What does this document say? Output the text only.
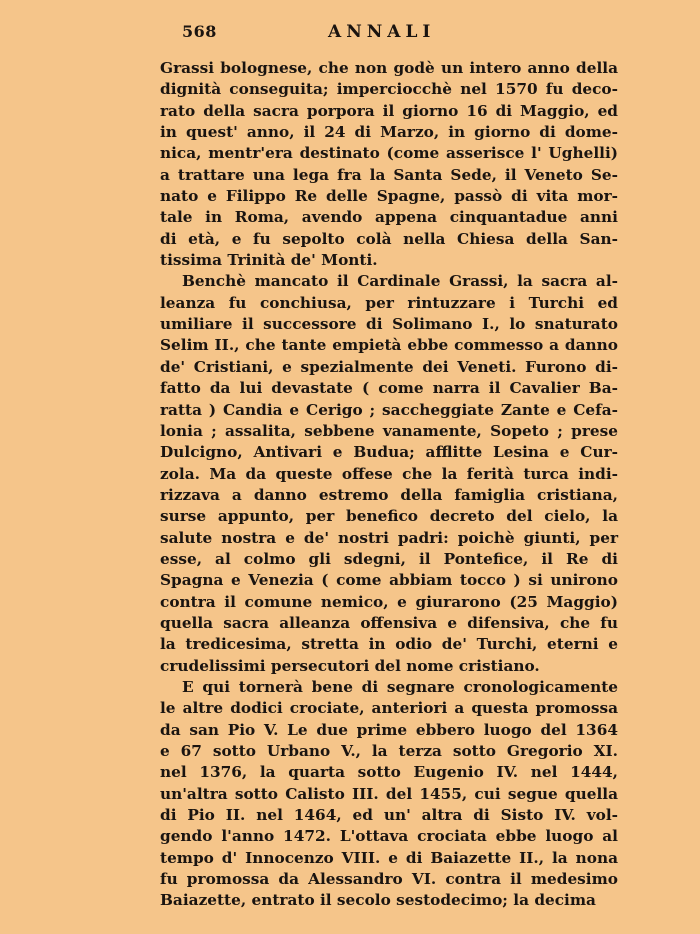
568	ANNALI
Grassi bolognese, che non godè un intero anno della
dignità conseguita; imperciocchè nel 1570 fu deco-
rato della sacra porpora il giorno 16 di Maggio, ed
in quest' anno, il 24 di Marzo, in giorno di dome-
nica, mentr'era destinato (come asserisce l' Ughelli)
a trattare una lega fra la Santa Sede, il Veneto Se-
nato e Filippo Re delle Spagne, passò di vita mor-
tale in Roma, avendo appena cinquantadue anni
di età, e fu sepolto colà nella Chiesa della San-
tissima Trinità de' Monti.
Benchè mancato il Cardinale Grassi, la sacra al-
leanza fu conchiusa, per rintuzzare i Turchi ed
umiliare il successore di Solimano I., lo snaturato
Selim II., che tante empietà ebbe commesso a danno
de' Cristiani, e spezialmente dei Veneti. Furono di-
fatto da lui devastate ( come narra il Cavalier Ba-
ratta ) Candia e Cerigo ; saccheggiate Zante e Cefa-
lonia ; assalita, sebbene vanamente, Sopeto ; prese
Dulcigno, Antivari e Budua; afflitte Lesina e Cur-
zola. Ma da queste offese che la ferità turca indi-
rizzava a danno estremo della famiglia cristiana,
surse appunto, per benefico decreto del cielo, la
salute nostra e de' nostri padri: poichè giunti, per
esse, al colmo gli sdegni, il Pontefice, il Re di
Spagna e Venezia ( come abbiam tocco ) si unirono
contra il comune nemico, e giurarono (25 Maggio)
quella sacra alleanza offensiva e difensiva, che fu
la tredicesima, stretta in odio de' Turchi, eterni e
crudelissimi persecutori del nome cristiano.
E qui tornerà bene di segnare cronologicamente
le altre dodici crociate, anteriori a questa promossa
da san Pio V. Le due prime ebbero luogo del 1364
e 67 sotto Urbano V., la terza sotto Gregorio XI.
nel 1376, la quarta sotto Eugenio IV. nel 1444,
un'altra sotto Calisto III. del 1455, cui segue quella
di Pio II. nel 1464, ed un' altra di Sisto IV. vol-
gendo l'anno 1472. L'ottava crociata ebbe luogo al
tempo d' Innocenzo VIII. e di Baiazette II., la nona
fu promossa da Alessandro VI. contra il medesimo
Baiazette, entrato il secolo sestodecimo; la decima
